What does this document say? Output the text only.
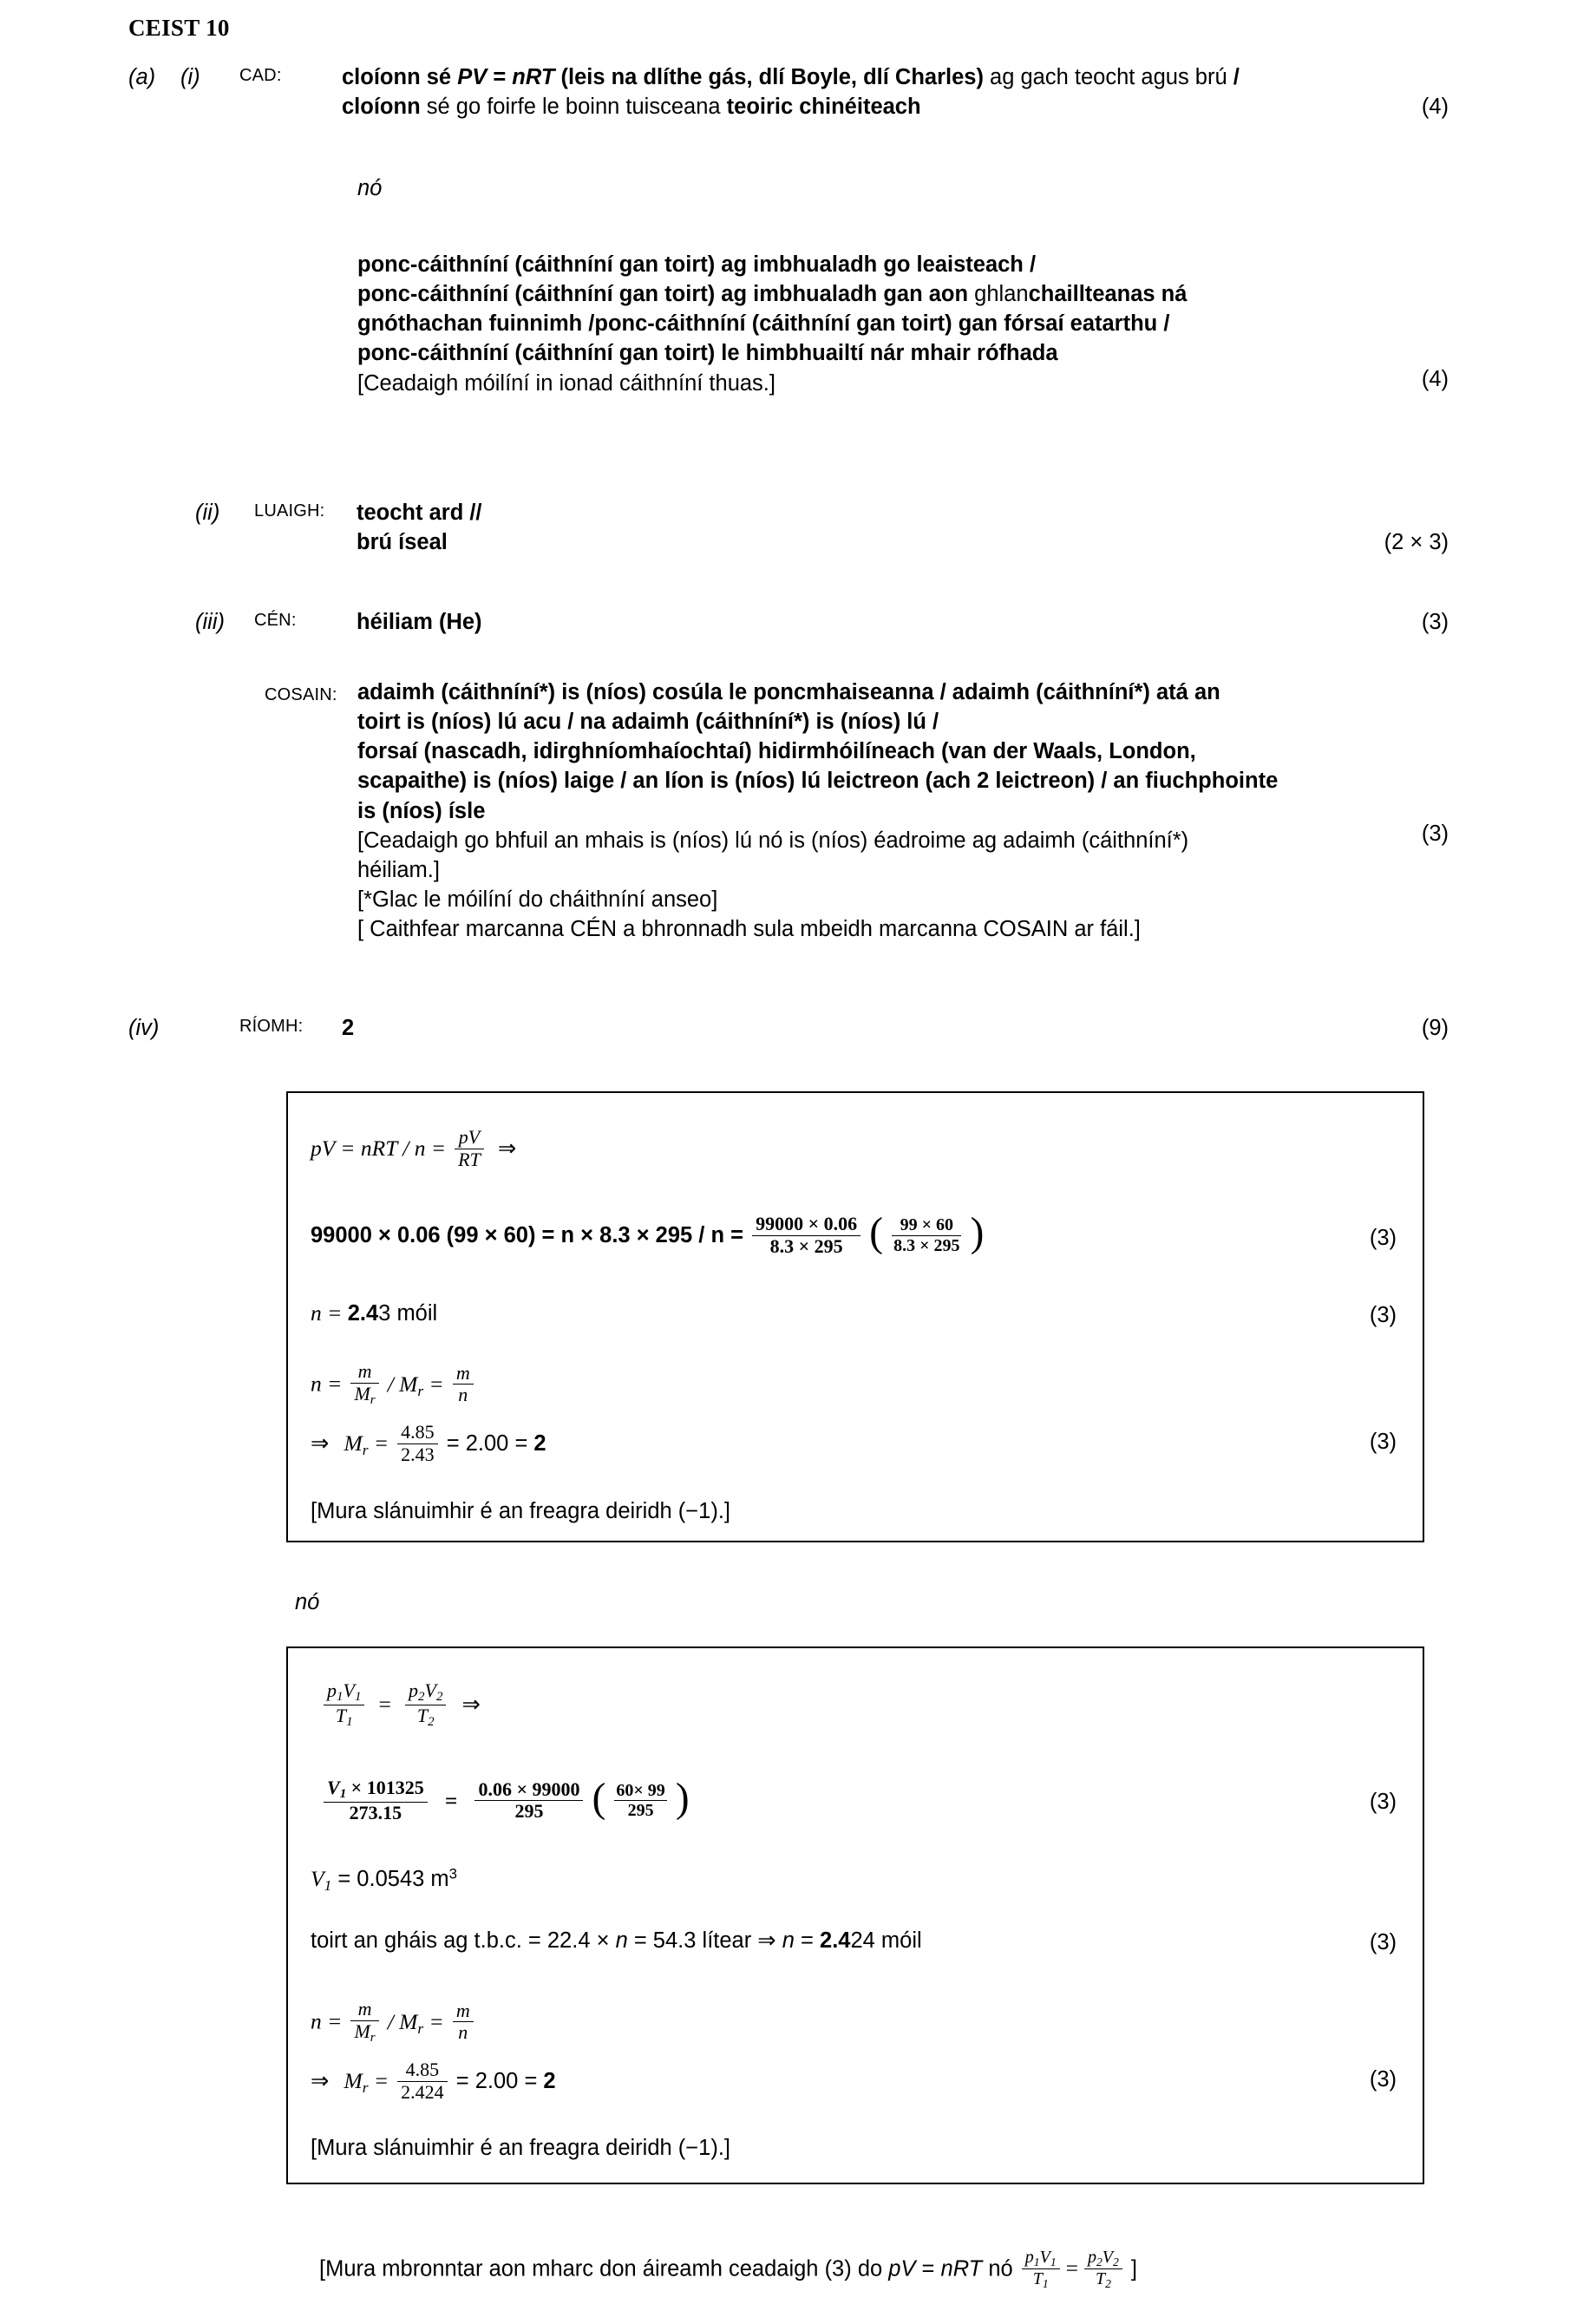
CEIST 10
(a)	(i)	CAD:	cloíonn sé PV = nRT (leis na dlíthe gás, dlí Boyle, dlí Charles) ag gach teocht agus brú /
cloíonn sé go foirfe le boinn tuisceana teoiric chinéiteach	(4)
nó
ponc-cáithníní (cáithníní gan toirt) ag imbhualadh go leaisteach /
ponc-cáithníní (cáithníní gan toirt) ag imbhualadh gan aon ghlanchaillteanas ná
gnóthachan fuinnimh /ponc-cáithníní (cáithníní gan toirt) gan fórsaí eatarthu /
ponc-cáithníní (cáithníní gan toirt) le himbhuailtí nár mhair rófhada
[Ceadaigh móilíní in ionad cáithníní thuas.]	(4)
(ii)	LUAIGH:	teocht ard //
brú íseal	(2 × 3)
(iii)	CÉN:	héiliam (He)	(3)
COSAIN: adaimh (cáithníní*) is (níos) cosúla le poncmhaiseanna / adaimh (cáithníní*) atá an
toirt is (níos) lú acu / na adaimh (cáithníní*) is (níos) lú /
forsaí (nascadh, idirghníomhaíochtaí) hidirmhóilíneach (van der Waals, London,
scapaithe) is (níos) laige / an líon is (níos) lú leictreon (ach 2 leictreon) / an fiuchphointe
is (níos) ísle
[Ceadaigh go bhfuil an mhais is (níos) lú nó is (níos) éadroime ag adaimh (cáithníní*)
héiliam.]
[*Glac le móilíní do cháithníní anseo]
[ Caithfear marcanna CÉN a bhronnadh sula mbeidh marcanna COSAIN ar fáil.]
(3)
(iv)	RÍOMH:	2	(9)
pV = nRT / $n = \frac{pV}{RT}$ ⇒
99000 × 0.06 $(99 \times 60) = n \times 8.3 \times 295 / n = \frac{99000 \times 0.06}{8.3 \times 295}$ ( $\frac{99 \times 60}{8.3 \times 295}$ )	(3)
n = 2.43 móil	(3)
$n = \frac{m}{M_r} / M_r = \frac{m}{n}$
⇒ $M_r = \frac{4.85}{2.43} = 2.00 = 2$	(3)
[Mura slánuimhir é an freagra deiridh (−1).]
nó
$\frac{p_1V_1}{T_1} = \frac{p_2V_2}{T_2}$ ⇒
$\frac{V_1 \times 101325}{273.15} = \frac{0.06 \times 99000}{295}$ ( $\frac{60\times 99}{295}$ )	(3)
$V_1 = 0.0543$ $m^3$
toirt an gháis ag t.b.c. = 22.4 × n = 54.3 lítear ⇒ n = 2.424 móil	(3)
$n = \frac{m}{M_r} / M_r = \frac{m}{n}$
⇒ $M_r = \frac{4.85}{2.424} = 2.00 = 2$	(3)
[Mura slánuimhir é an freagra deiridh (−1).]
[Mura mbronntar aon mharc don áireamh ceadaigh (3) do pV = nRT nó $\frac{p_1V_1}{T_1} = \frac{p_2V_2}{T_2}$ ]
